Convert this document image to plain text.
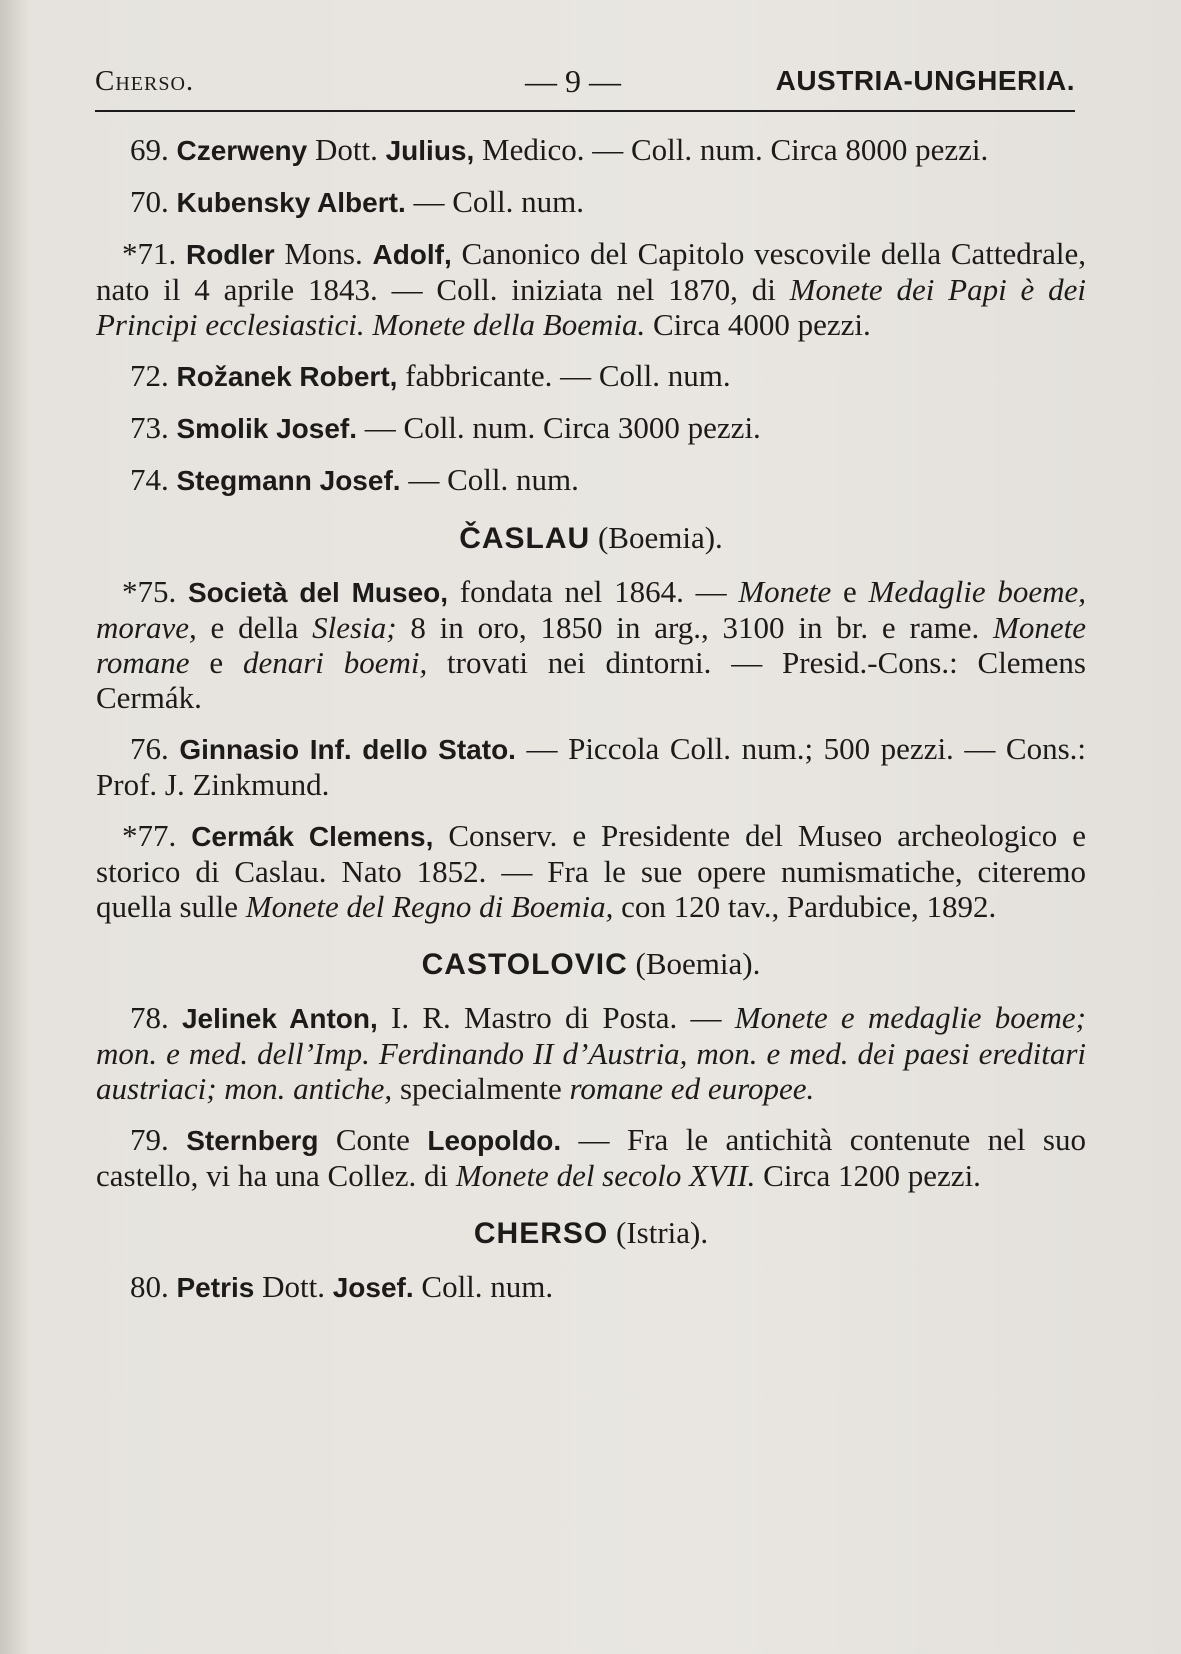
Cherso.	— 9 —	AUSTRIA-UNGHERIA.

69. Czerweny Dott. Julius, Medico. — Coll. num. Circa 8000 pezzi.

70. Kubensky Albert. — Coll. num.

*71. Rodler Mons. Adolf, Canonico del Capitolo vescovile della Cattedrale, nato il 4 aprile 1843. — Coll. iniziata nel 1870, di Monete dei Papi è dei Principi ecclesiastici. Monete della Boemia. Circa 4000 pezzi.

72. Rožanek Robert, fabbricante. — Coll. num.

73. Smolik Josef. — Coll. num. Circa 3000 pezzi.

74. Stegmann Josef. — Coll. num.

ČASLAU (Boemia).

*75. Società del Museo, fondata nel 1864. — Monete e Medaglie boeme, morave, e della Slesia; 8 in oro, 1850 in arg., 3100 in br. e rame. Monete romane e denari boemi, trovati nei dintorni. — Presid.-Cons.: Clemens Cermák.

76. Ginnasio Inf. dello Stato. — Piccola Coll. num.; 500 pezzi. — Cons.: Prof. J. Zinkmund.

*77. Cermák Clemens, Conserv. e Presidente del Museo archeologico e storico di Caslau. Nato 1852. — Fra le sue opere numismatiche, citeremo quella sulle Monete del Regno di Boemia, con 120 tav., Pardubice, 1892.

CASTOLOVIC (Boemia).

78. Jelinek Anton, I. R. Mastro di Posta. — Monete e medaglie boeme; mon. e med. dell’Imp. Ferdinando II d’Austria, mon. e med. dei paesi ereditari austriaci; mon. antiche, specialmente romane ed europee.

79. Sternberg Conte Leopoldo. — Fra le antichità contenute nel suo castello, vi ha una Collez. di Monete del secolo XVII. Circa 1200 pezzi.

CHERSO (Istria).

80. Petris Dott. Josef. Coll. num.
